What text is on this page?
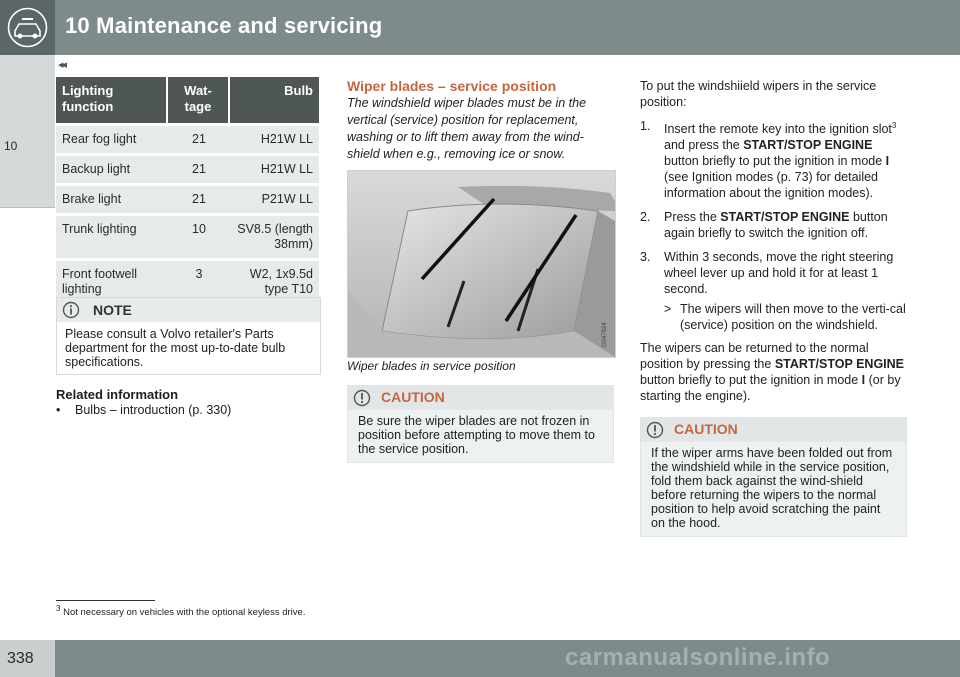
10 Maintenance and servicing
◂◂
10
Lighting function	Wat-tage	Bulb
Rear fog light	21	H21W LL
Backup light	21	H21W LL
Brake light	21	P21W LL
Trunk lighting	10	SV8.5 (length 38mm)
Front footwell lighting	3	W2, 1x9.5d type T10
NOTE
Please consult a Volvo retailer's Parts department for the most up-to-date bulb specifications.
Related information
• Bulbs – introduction (p. 330)
$^3$ Not necessary on vehicles with the optional keyless drive.
Wiper blades – service position
The windshield wiper blades must be in the vertical (service) position for replacement, washing or to lift them away from the wind-shield when e.g., removing ice or snow.
G047824
Wiper blades in service position
CAUTION
Be sure the wiper blades are not frozen in position before attempting to move them to the service position.

To put the windshiield wipers in the service position:

1. Insert the remote key into the ignition slot$^3$ and press the START/STOP ENGINE button briefly to put the ignition in mode I (see Ignition modes (p. 73) for detailed information about the ignition modes).
2. Press the START/STOP ENGINE button again briefly to switch the ignition off.
3. Within 3 seconds, move the right steering wheel lever up and hold it for at least 1 second.
> The wipers will then move to the verti-cal (service) position on the windshield.

The wipers can be returned to the normal position by pressing the START/STOP ENGINE button briefly to put the ignition in mode I (or by starting the engine).

CAUTION
If the wiper arms have been folded out from the windshield while in the service position, fold them back against the wind-shield before returning the wipers to the normal position to help avoid scratching the paint on the hood.
338	carmanualsonline.info
